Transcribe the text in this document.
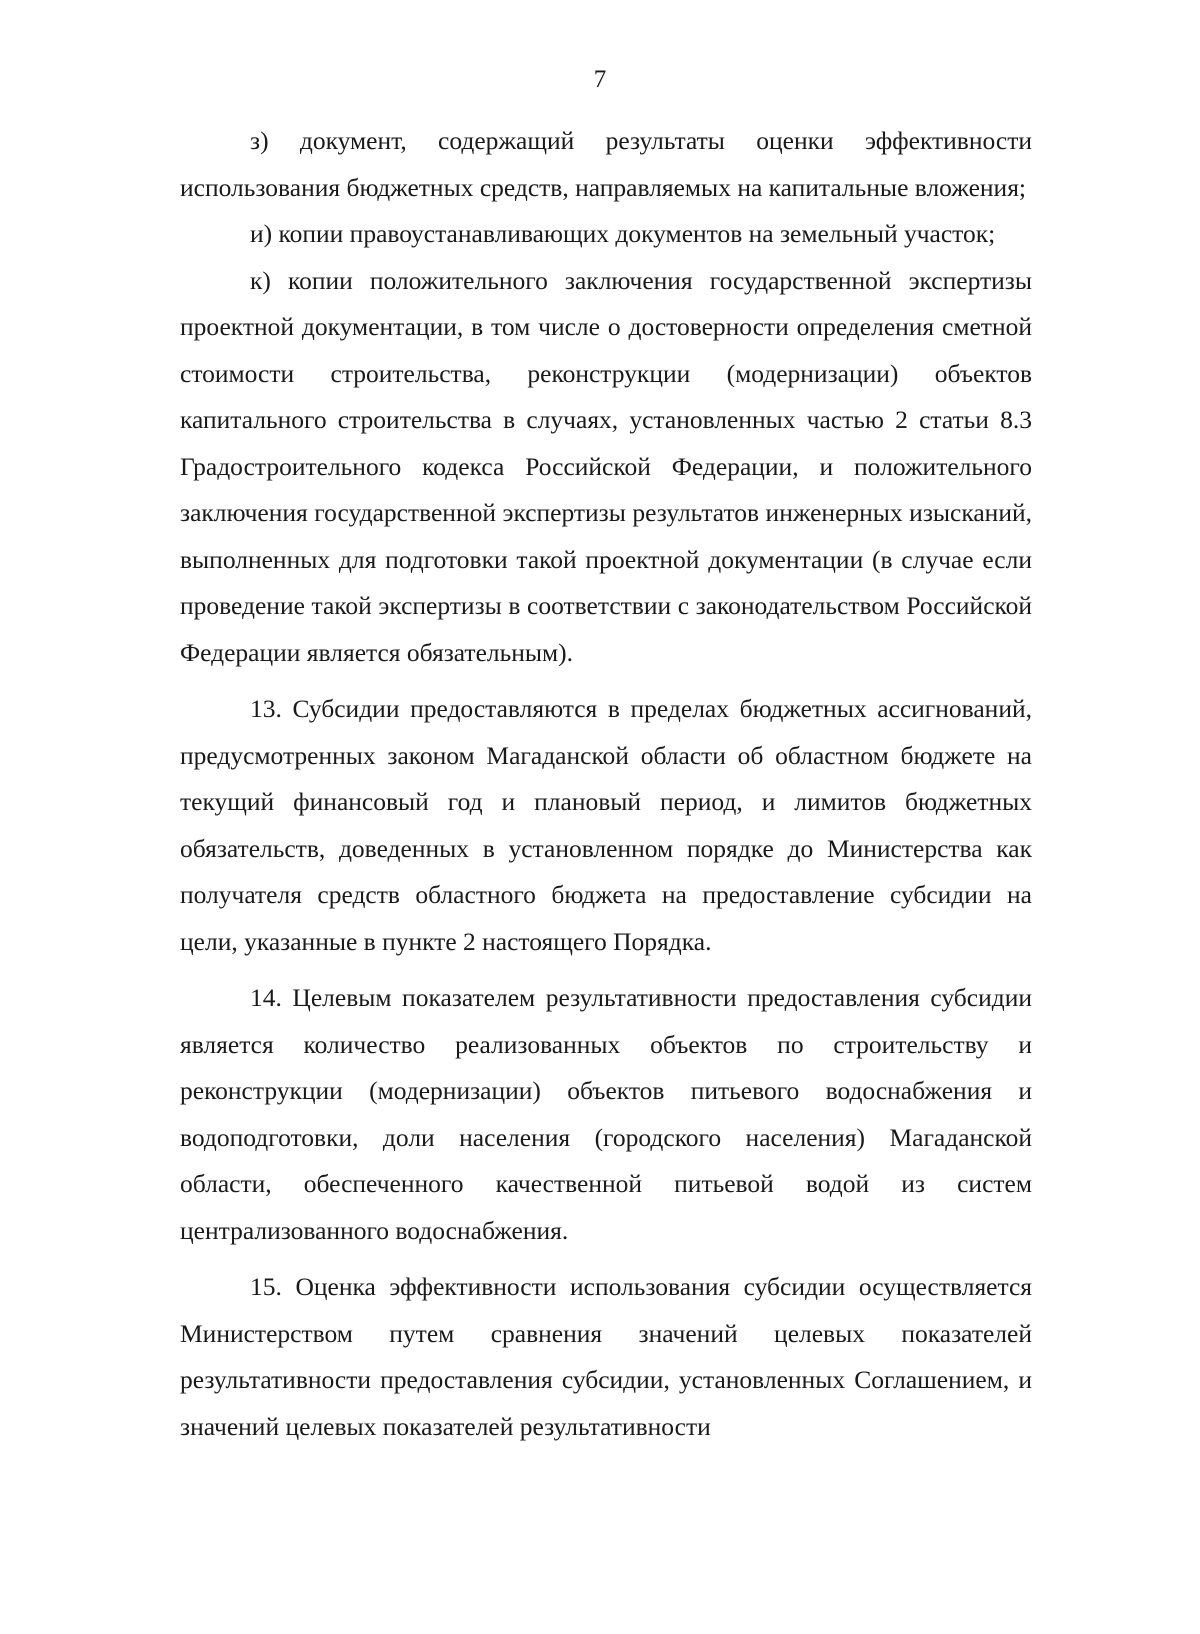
7

з) документ, содержащий результаты оценки эффективности использования бюджетных средств, направляемых на капитальные вложения;

и) копии правоустанавливающих документов на земельный участок;

к) копии положительного заключения государственной экспертизы проектной документации, в том числе о достоверности определения сметной стоимости строительства, реконструкции (модернизации) объектов капитального строительства в случаях, установленных частью 2 статьи 8.3 Градостроительного кодекса Российской Федерации, и положительного заключения государственной экспертизы результатов инженерных изысканий, выполненных для подготовки такой проектной документации (в случае если проведение такой экспертизы в соответствии с законодательством Российской Федерации является обязательным).

13. Субсидии предоставляются в пределах бюджетных ассигнований, предусмотренных законом Магаданской области об областном бюджете на текущий финансовый год и плановый период, и лимитов бюджетных обязательств, доведенных в установленном порядке до Министерства как получателя средств областного бюджета на предоставление субсидии на цели, указанные в пункте 2 настоящего Порядка.

14. Целевым показателем результативности предоставления субсидии является количество реализованных объектов по строительству и реконструкции (модернизации) объектов питьевого водоснабжения и водоподготовки, доли населения (городского населения) Магаданской области, обеспеченного качественной питьевой водой из систем централизованного водоснабжения.

15. Оценка эффективности использования субсидии осуществляется Министерством путем сравнения значений целевых показателей результативности предоставления субсидии, установленных Соглашением, и значений целевых показателей результативности
